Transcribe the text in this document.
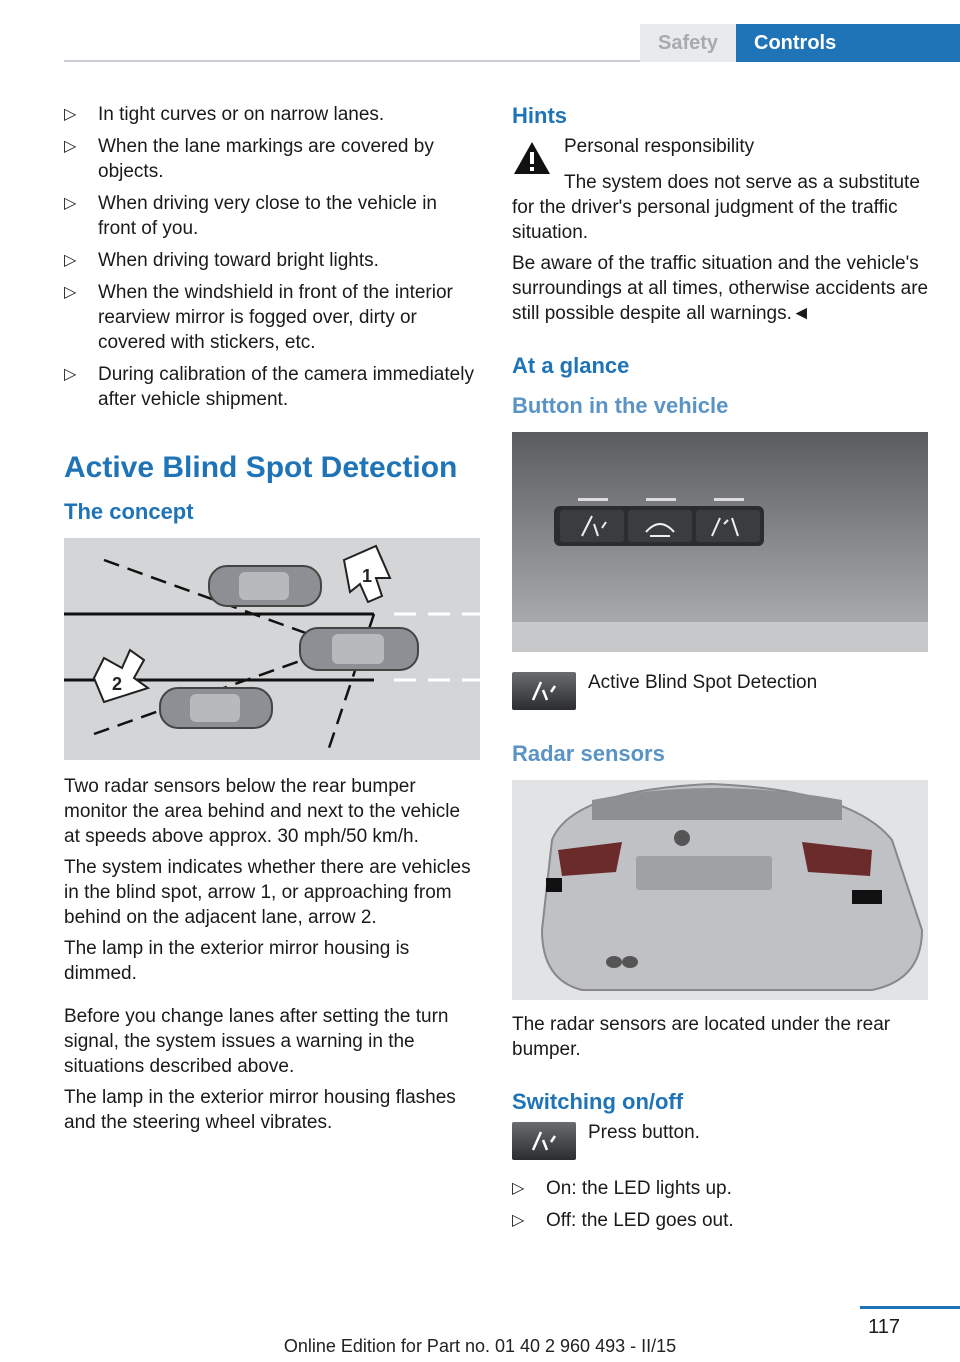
Safety	Controls
▷ In tight curves or on narrow lanes.
▷ When the lane markings are covered by objects.
▷ When driving very close to the vehicle in front of you.
▷ When driving toward bright lights.
▷ When the windshield in front of the interior rearview mirror is fogged over, dirty or covered with stickers, etc.
▷ During calibration of the camera immediately after vehicle shipment.
Active Blind Spot Detection
The concept
1
2

Two radar sensors below the rear bumper monitor the area behind and next to the vehicle at speeds above approx. 30 mph/50 km/h.

The system indicates whether there are vehicles in the blind spot, arrow 1, or approaching from behind on the adjacent lane, arrow 2.

The lamp in the exterior mirror housing is dimmed.

Before you change lanes after setting the turn signal, the system issues a warning in the situations described above.

The lamp in the exterior mirror housing flashes and the steering wheel vibrates.

Hints

Personal responsibility

The system does not serve as a substitute for the driver's personal judgment of the traffic situation.

Be aware of the traffic situation and the vehicle's surroundings at all times, otherwise accidents are still possible despite all warnings.◄

At a glance
Button in the vehicle

Active Blind Spot Detection

Radar sensors

The radar sensors are located under the rear bumper.

Switching on/off

Press button.

▷ On: the LED lights up.
▷ Off: the LED goes out.
117
Online Edition for Part no. 01 40 2 960 493 - II/15
